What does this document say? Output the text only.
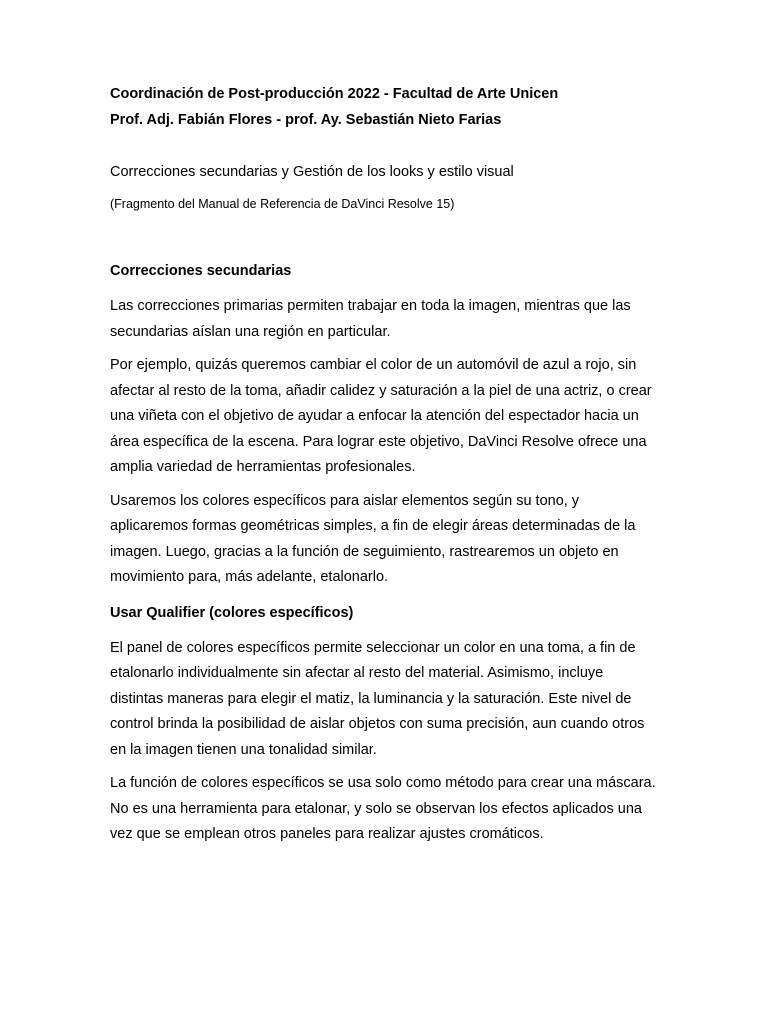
Coordinación de Post-producción 2022 - Facultad de Arte Unicen
Prof. Adj. Fabián Flores - prof. Ay. Sebastián Nieto Farias
Correcciones secundarias y Gestión de los looks y estilo visual
(Fragmento del Manual de Referencia de DaVinci Resolve 15)
Correcciones secundarias

Las correcciones primarias permiten trabajar en toda la imagen, mientras que las secundarias aíslan una región en particular.

Por ejemplo, quizás queremos cambiar el color de un automóvil de azul a rojo, sin afectar al resto de la toma, añadir calidez y saturación a la piel de una actriz, o crear una viñeta con el objetivo de ayudar a enfocar la atención del espectador hacia un área específica de la escena. Para lograr este objetivo, DaVinci Resolve ofrece una amplia variedad de herramientas profesionales.

Usaremos los colores específicos para aislar elementos según su tono, y aplicaremos formas geométricas simples, a fin de elegir áreas determinadas de la imagen. Luego, gracias a la función de seguimiento, rastrearemos un objeto en movimiento para, más adelante, etalonarlo.

Usar Qualifier (colores específicos)

El panel de colores específicos permite seleccionar un color en una toma, a fin de etalonarlo individualmente sin afectar al resto del material. Asimismo, incluye distintas maneras para elegir el matiz, la luminancia y la saturación. Este nivel de control brinda la posibilidad de aislar objetos con suma precisión, aun cuando otros en la imagen tienen una tonalidad similar.

La función de colores específicos se usa solo como método para crear una máscara. No es una herramienta para etalonar, y solo se observan los efectos aplicados una vez que se emplean otros paneles para realizar ajustes cromáticos.
